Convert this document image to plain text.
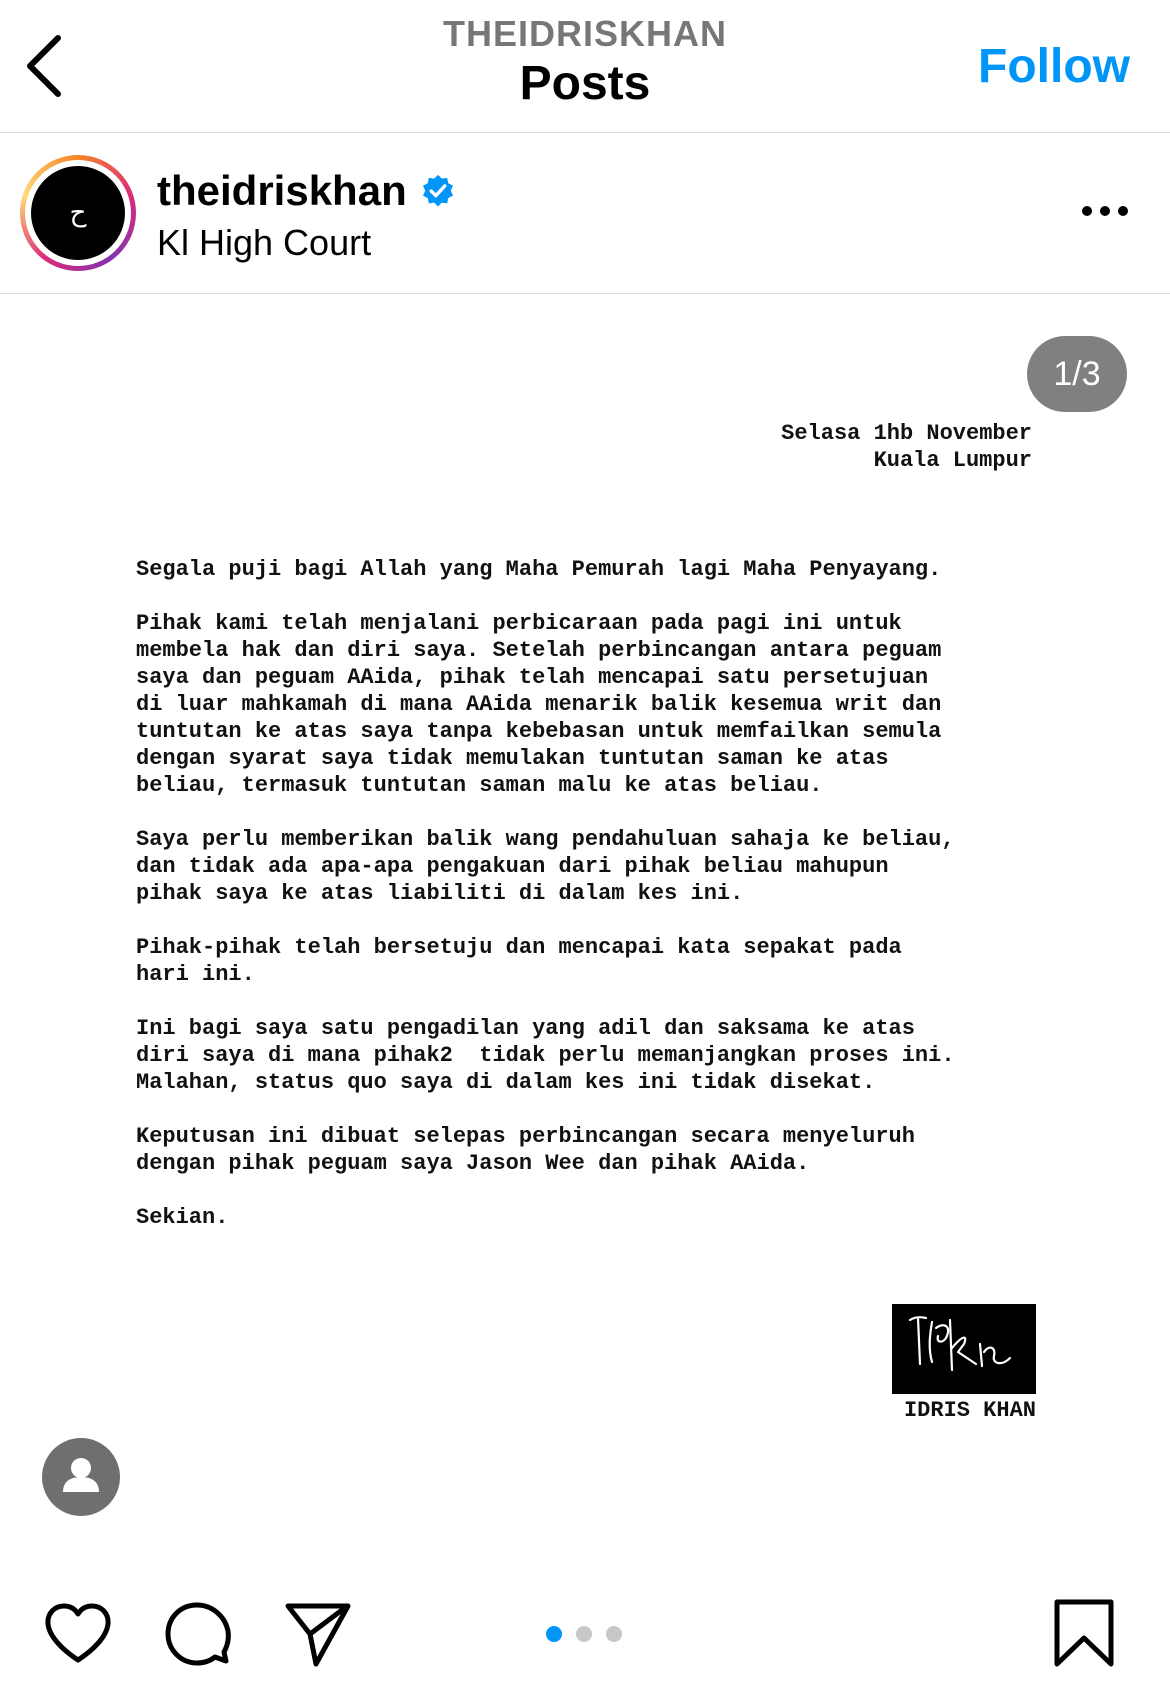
THEIDRISKHAN
Posts	Follow
ح	theidriskhan
Kl High Court
1/3
Selasa 1hb November
Kuala Lumpur

Segala puji bagi Allah yang Maha Pemurah lagi Maha Penyayang.

Pihak kami telah menjalani perbicaraan pada pagi ini untuk
membela hak dan diri saya. Setelah perbincangan antara peguam
saya dan peguam AAida, pihak telah mencapai satu persetujuan
di luar mahkamah di mana AAida menarik balik kesemua writ dan
tuntutan ke atas saya tanpa kebebasan untuk memfailkan semula
dengan syarat saya tidak memulakan tuntutan saman ke atas
beliau, termasuk tuntutan saman malu ke atas beliau.

Saya perlu memberikan balik wang pendahuluan sahaja ke beliau,
dan tidak ada apa-apa pengakuan dari pihak beliau mahupun
pihak saya ke atas liabiliti di dalam kes ini.

Pihak-pihak telah bersetuju dan mencapai kata sepakat pada
hari ini.

Ini bagi saya satu pengadilan yang adil dan saksama ke atas
diri saya di mana pihak2  tidak perlu memanjangkan proses ini.
Malahan, status quo saya di dalam kes ini tidak disekat.

Keputusan ini dibuat selepas perbincangan secara menyeluruh
dengan pihak peguam saya Jason Wee dan pihak AAida.

Sekian.

IDRIS KHAN
